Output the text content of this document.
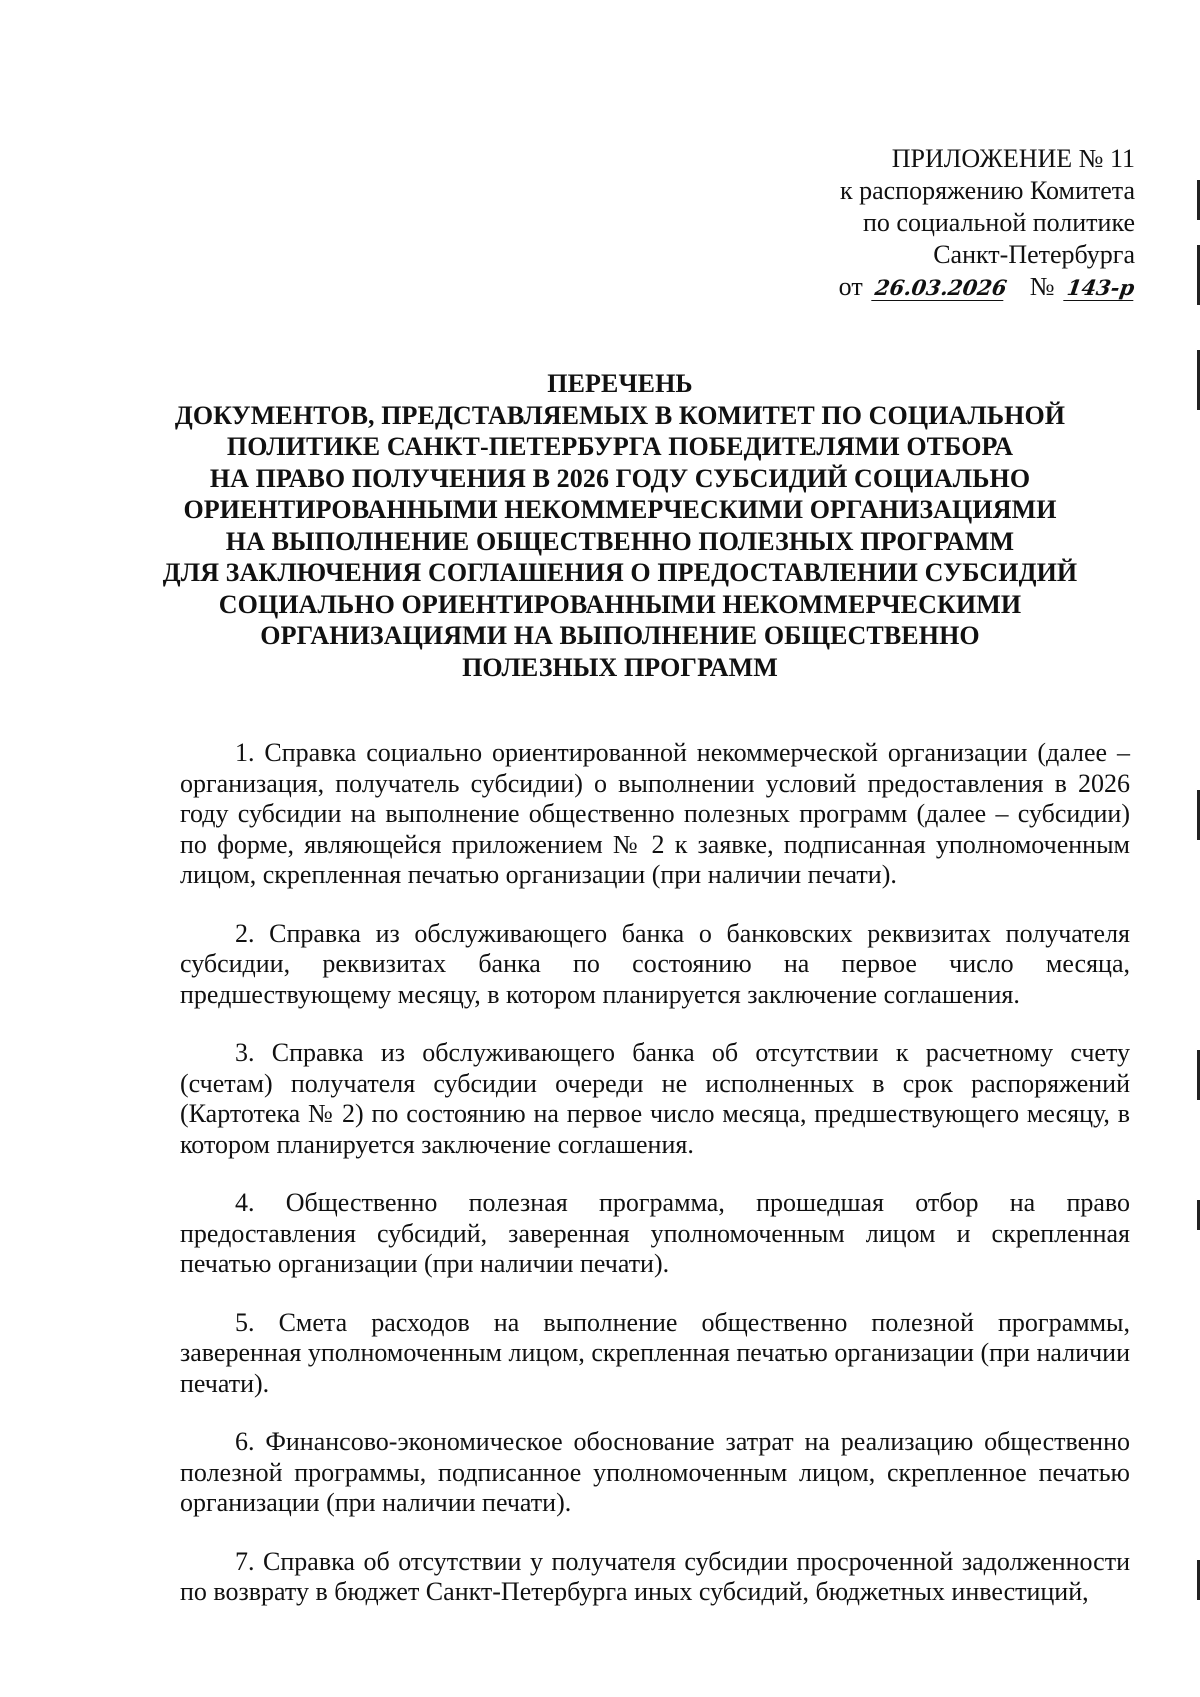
ПРИЛОЖЕНИЕ № 11
к распоряжению Комитета
по социальной политике
Санкт-Петербурга
от 26.03.2026 № 143-р
ПЕРЕЧЕНЬ
ДОКУМЕНТОВ, ПРЕДСТАВЛЯЕМЫХ В КОМИТЕТ ПО СОЦИАЛЬНОЙ
ПОЛИТИКЕ САНКТ-ПЕТЕРБУРГА ПОБЕДИТЕЛЯМИ ОТБОРА
НА ПРАВО ПОЛУЧЕНИЯ В 2026 ГОДУ СУБСИДИЙ СОЦИАЛЬНО
ОРИЕНТИРОВАННЫМИ НЕКОММЕРЧЕСКИМИ ОРГАНИЗАЦИЯМИ
НА ВЫПОЛНЕНИЕ ОБЩЕСТВЕННО ПОЛЕЗНЫХ ПРОГРАММ
ДЛЯ ЗАКЛЮЧЕНИЯ СОГЛАШЕНИЯ О ПРЕДОСТАВЛЕНИИ СУБСИДИЙ
СОЦИАЛЬНО ОРИЕНТИРОВАННЫМИ НЕКОММЕРЧЕСКИМИ
ОРГАНИЗАЦИЯМИ НА ВЫПОЛНЕНИЕ ОБЩЕСТВЕННО
ПОЛЕЗНЫХ ПРОГРАММ

1. Справка социально ориентированной некоммерческой организации (далее – организация, получатель субсидии) о выполнении условий предоставления в 2026 году субсидии на выполнение общественно полезных программ (далее – субсидии) по форме, являющейся приложением № 2 к заявке, подписанная уполномоченным лицом, скрепленная печатью организации (при наличии печати).

2. Справка из обслуживающего банка о банковских реквизитах получателя субсидии, реквизитах банка по состоянию на первое число месяца, предшествующему месяцу, в котором планируется заключение соглашения.

3. Справка из обслуживающего банка об отсутствии к расчетному счету (счетам) получателя субсидии очереди не исполненных в срок распоряжений (Картотека № 2) по состоянию на первое число месяца, предшествующего месяцу, в котором планируется заключение соглашения.

4. Общественно полезная программа, прошедшая отбор на право предоставления субсидий, заверенная уполномоченным лицом и скрепленная печатью организации (при наличии печати).

5. Смета расходов на выполнение общественно полезной программы, заверенная уполномоченным лицом, скрепленная печатью организации (при наличии печати).

6. Финансово-экономическое обоснование затрат на реализацию общественно полезной программы, подписанное уполномоченным лицом, скрепленное печатью организации (при наличии печати).

7. Справка об отсутствии у получателя субсидии просроченной задолженности по возврату в бюджет Санкт-Петербурга иных субсидий, бюджетных инвестиций,
